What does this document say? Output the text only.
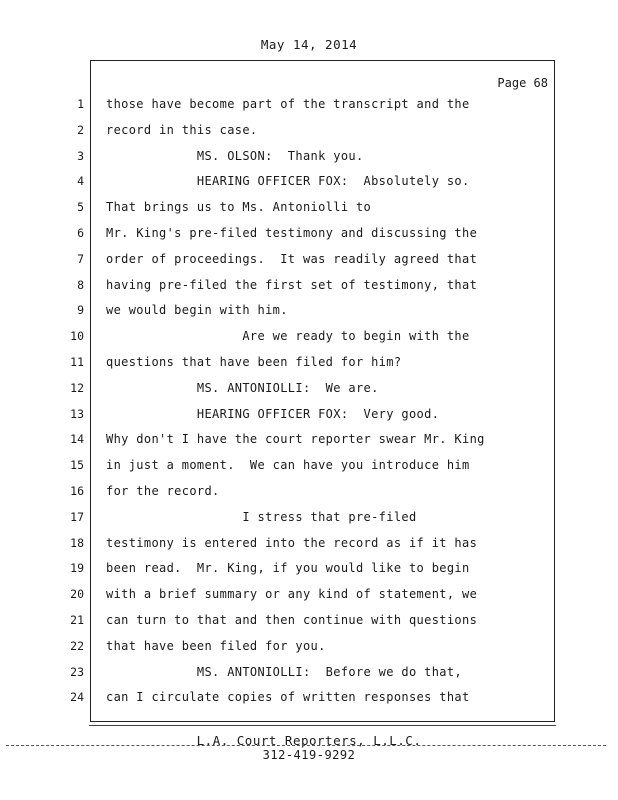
May 14, 2014
Page 68
1
2
3
4
5
6
7
8
9
10
11
12
13
14
15
16
17
18
19
20
21
22
23
24
those have become part of the transcript and the
record in this case.
MS. OLSON:  Thank you.
HEARING OFFICER FOX:  Absolutely so.
That brings us to Ms. Antoniolli to
Mr. King's pre-filed testimony and discussing the
order of proceedings.  It was readily agreed that
having pre-filed the first set of testimony, that
we would begin with him.
Are we ready to begin with the
questions that have been filed for him?
MS. ANTONIOLLI:  We are.
HEARING OFFICER FOX:  Very good.
Why don't I have the court reporter swear Mr. King
in just a moment.  We can have you introduce him
for the record.
I stress that pre-filed
testimony is entered into the record as if it has
been read.  Mr. King, if you would like to begin
with a brief summary or any kind of statement, we
can turn to that and then continue with questions
that have been filed for you.
MS. ANTONIOLLI:  Before we do that,
can I circulate copies of written responses that
L.A. Court Reporters, L.L.C.
312-419-9292
